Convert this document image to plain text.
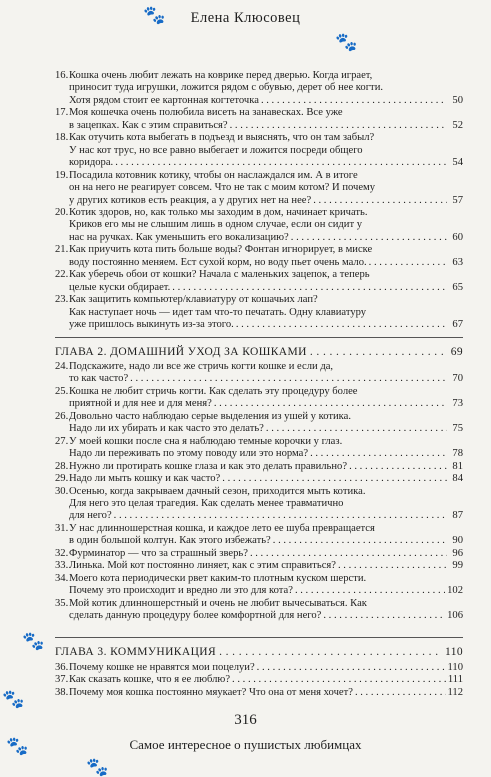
🐾
🐾
🐾
🐾
🐾
🐾
Елена Клюсовец
16. Кошка очень любит лежать на коврике перед дверью. Когда играет,
приносит туда игрушки, ложится рядом с обувью, дерет об нее когти.
Хотя рядом стоит ее картонная когтеточка . . .	50
17. Моя кошечка очень полюбила висеть на занавесках. Все уже
в зацепках. Как с этим справиться? . . .	52
18. Как отучить кота выбегать в подъезд и выяснять, что он там забыл?
У нас кот трус, но все равно выбегает и ложится посреди общего
коридора. . . .	54
19. Посадила котовник котику, чтобы он наслаждался им. А в итоге
он на него не реагирует совсем. Что не так с моим котом? И почему
у других котиков есть реакция, а у других нет на нее? . . .	57
20. Котик здоров, но, как только мы заходим в дом, начинает кричать.
Криков его мы не слышим лишь в одном случае, если он сидит у
нас на ручках. Как уменьшить его вокализацию? . . .	60
21. Как приучить кота пить больше воды? Фонтан игнорирует, в миске
воду постоянно меняем. Ест сухой корм, но воду пьет очень мало. . . .	63
22. Как уберечь обои от кошки? Начала с маленьких зацепок, а теперь
целые куски обдирает. . . .	65
23. Как защитить компьютер/клавиатуру от кошачьих лап?
Как наступает ночь — идет там что-то печатать. Одну клавиатуру
уже пришлось выкинуть из-за этого. . . .	67
ГЛАВА 2. ДОМАШНИЙ УХОД ЗА КОШКАМИ . . .	69
24. Подскажите, надо ли все же стричь когти кошке и если да,
то как часто? . . .	70
25. Кошка не любит стричь когти. Как сделать эту процедуру более
приятной и для нее и для меня? . . .	73
26. Довольно часто наблюдаю серые выделения из ушей у котика.
Надо ли их убирать и как часто это делать? . . .	75
27. У моей кошки после сна я наблюдаю темные корочки у глаз.
Надо ли переживать по этому поводу или это норма? . . .	78
28. Нужно ли протирать кошке глаза и как это делать правильно? . . .	81
29. Надо ли мыть кошку и как часто? . . .	84
30. Осенью, когда закрываем дачный сезон, приходится мыть котика.
Для него это целая трагедия. Как сделать менее травматично
для него? . . .	87
31. У нас длинношерстная кошка, и каждое лето ее шуба превращается
в один большой колтун. Как этого избежать? . . .	90
32. Фурминатор — что за страшный зверь? . . .	96
33. Линька. Мой кот постоянно линяет, как с этим справиться? . . .	99
34. Моего кота периодически рвет каким-то плотным куском шерсти.
Почему это происходит и вредно ли это для кота? . . .	102
35. Мой котик длинношерстный и очень не любит вычесываться. Как
сделать данную процедуру более комфортной для него? . . .	106
ГЛАВА 3. КОММУНИКАЦИЯ . . .	110
36. Почему кошке не нравятся мои поцелуи? . . .	110
37. Как сказать кошке, что я ее люблю? . . .	111
38. Почему моя кошка постоянно мяукает? Что она от меня хочет? . . .	112
316
Самое интересное о пушистых любимцах
